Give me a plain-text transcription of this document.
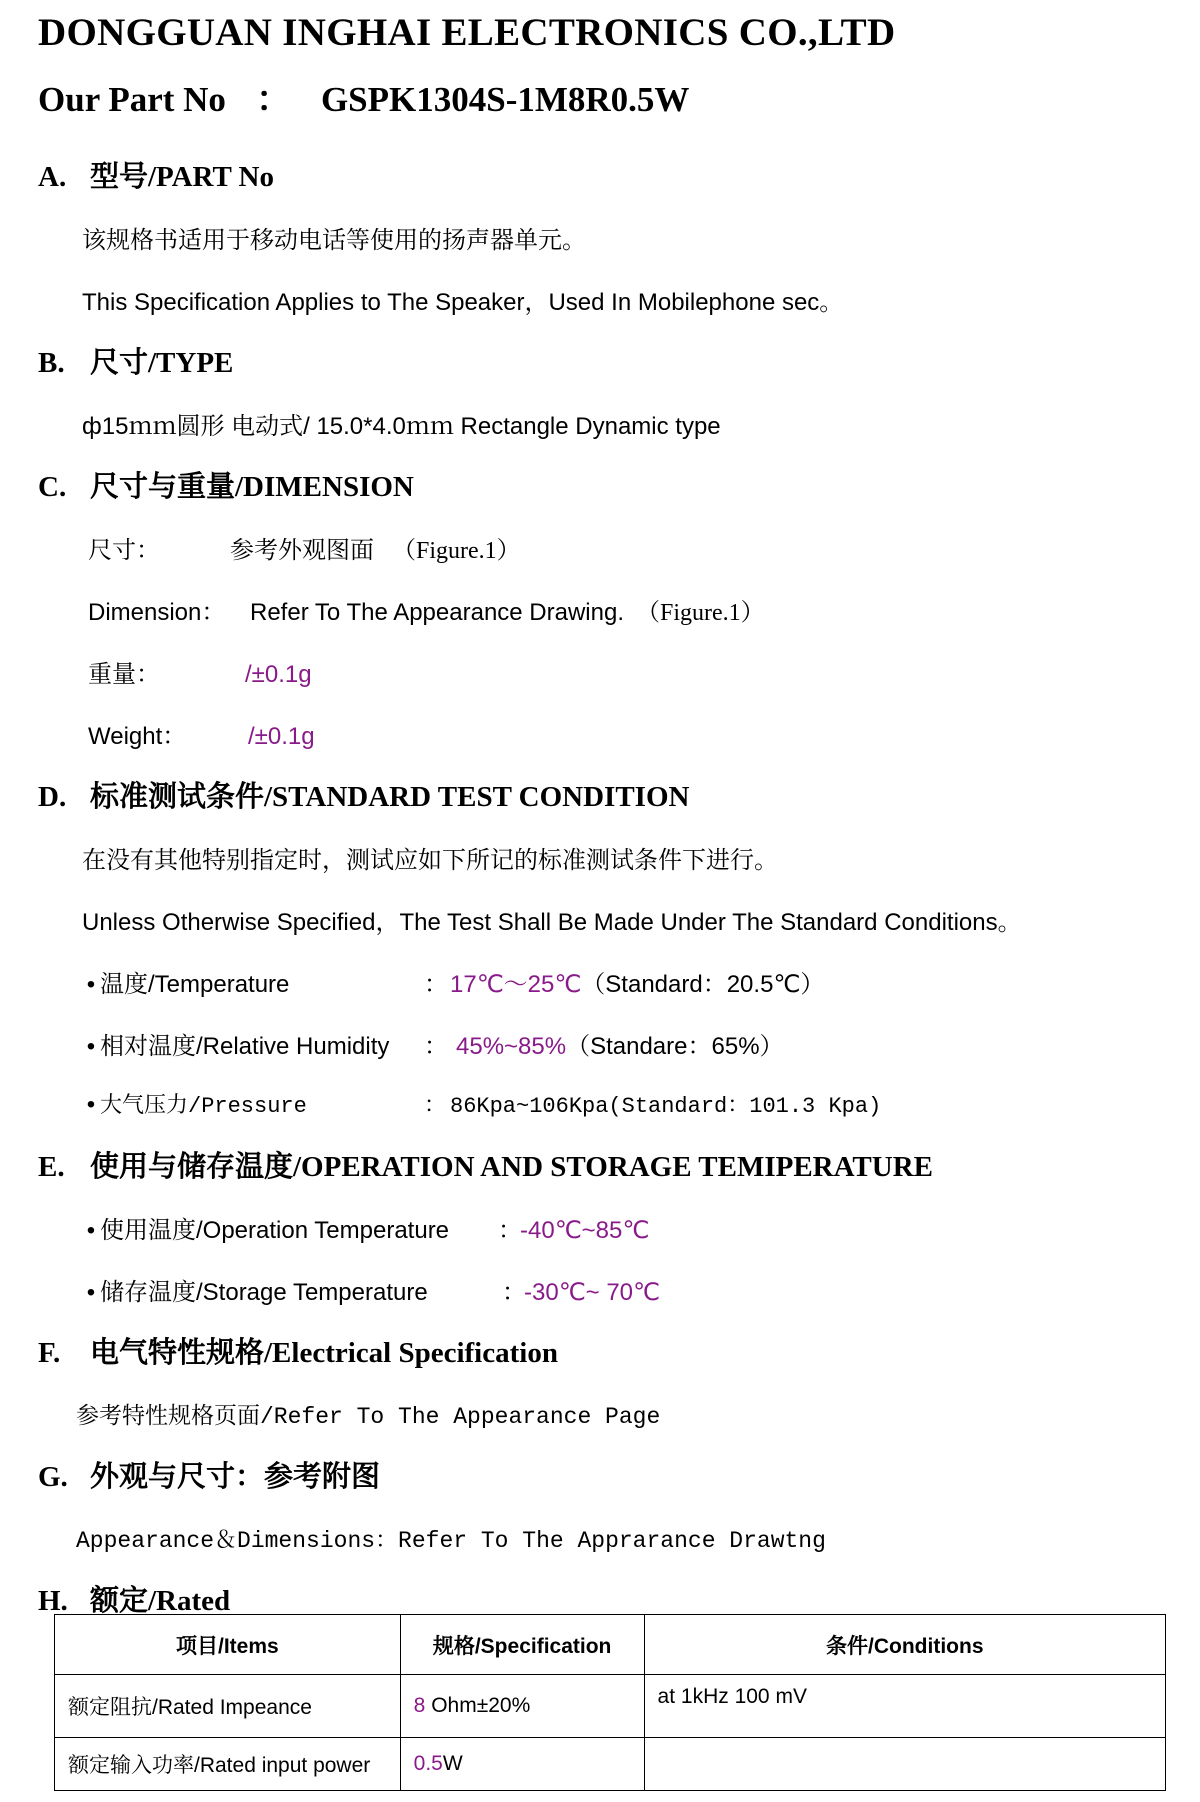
DONGGUAN INGHAI ELECTRONICS CO.,LTD
Our Part No ： GSPK1304S-1M8R0.5W
A. 型号/PART No
该规格书适用于移动电话等使用的扬声器单元。
This Specification Applies to The Speaker，Used In Mobilephone sec。
B. 尺寸/TYPE
ф15ｍｍ圆形 电动式/ 15.0*4.0ｍｍ Rectangle Dynamic type
C. 尺寸与重量/DIMENSION
尺寸：	参考外观图面 （Figure.1）
Dimension： Refer To The Appearance Drawing. （Figure.1）
重量：	/±0.1g
Weight：	/±0.1g
D. 标准测试条件/STANDARD TEST CONDITION
在没有其他特别指定时，测试应如下所记的标准测试条件下进行。
Unless Otherwise Specified，The Test Shall Be Made Under The Standard Conditions。
• 温度/Temperature	：17℃～25℃（Standard：20.5℃）
• 相对温度/Relative Humidity ： 45%~85%（Standare：65%）
• 大气压力/Pressure	： 86Kpa~106Kpa(Standard：101.3 Kpa)
E. 使用与储存温度/OPERATION AND STORAGE TEMIPERATURE
• 使用温度/Operation Temperature ：-40℃~85℃
• 储存温度/Storage Temperature	：-30℃~ 70℃
F. 电气特性规格/Electrical Specification
参考特性规格页面/Refer To The Appearance Page
G. 外观与尺寸：参考附图
Appearance＆Dimensions：Refer To The Apprarance Drawtng
H. 额定/Rated
项目/Items	规格/Specification	条件/Conditions
额定阻抗/Rated Impeance	8 Ohm±20%	at 1kHz 100 mV
额定输入功率/Rated input power	0.5W	
